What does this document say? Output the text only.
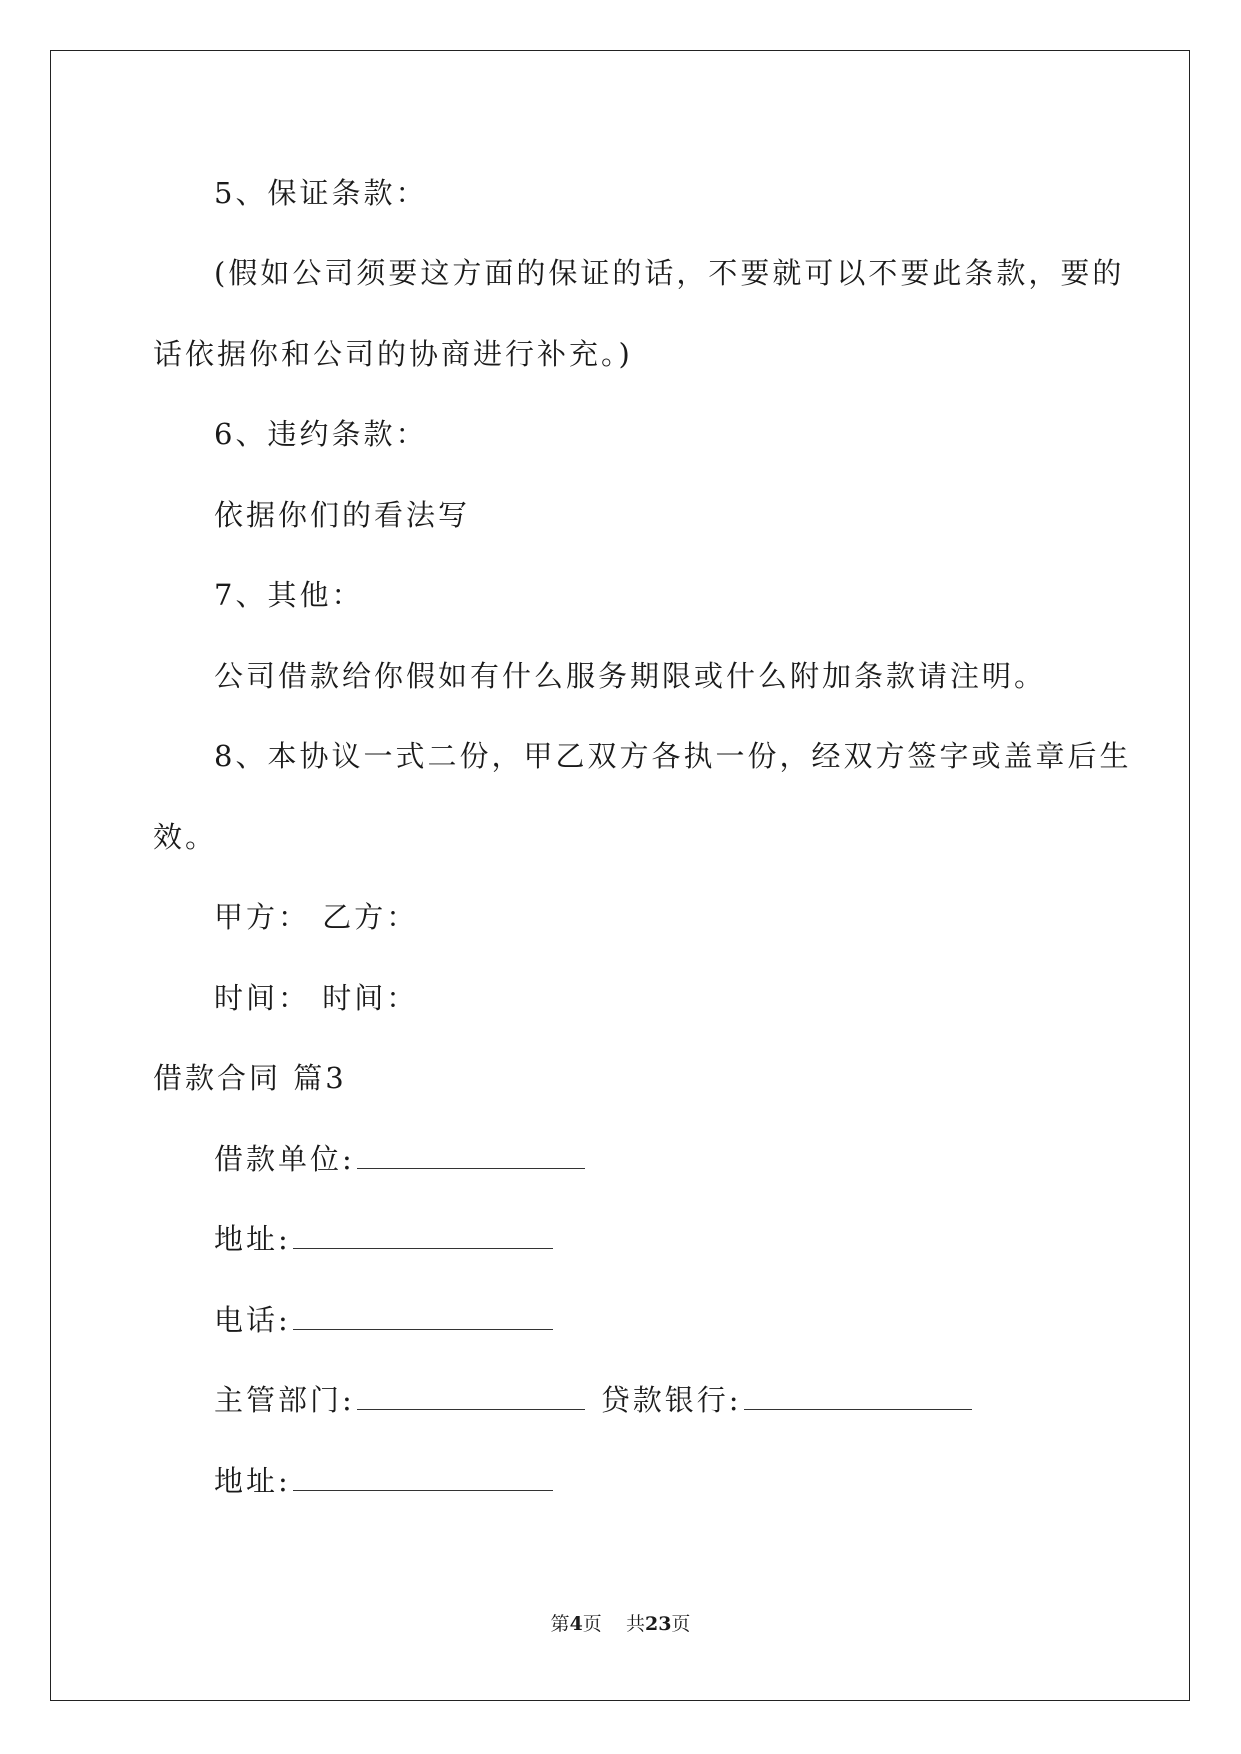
5、保证条款：
(假如公司须要这方面的保证的话，不要就可以不要此条款，要的
话依据你和公司的协商进行补充。)
6、违约条款：
依据你们的看法写
7、其他：
公司借款给你假如有什么服务期限或什么附加条款请注明。
8、本协议一式二份，甲乙双方各执一份，经双方签字或盖章后生
效。
甲方： 乙方：
时间： 时间：
借款合同 篇3
借款单位:
地址:
电话:
主管部门:	贷款银行:
地址:
第4页    共23页
